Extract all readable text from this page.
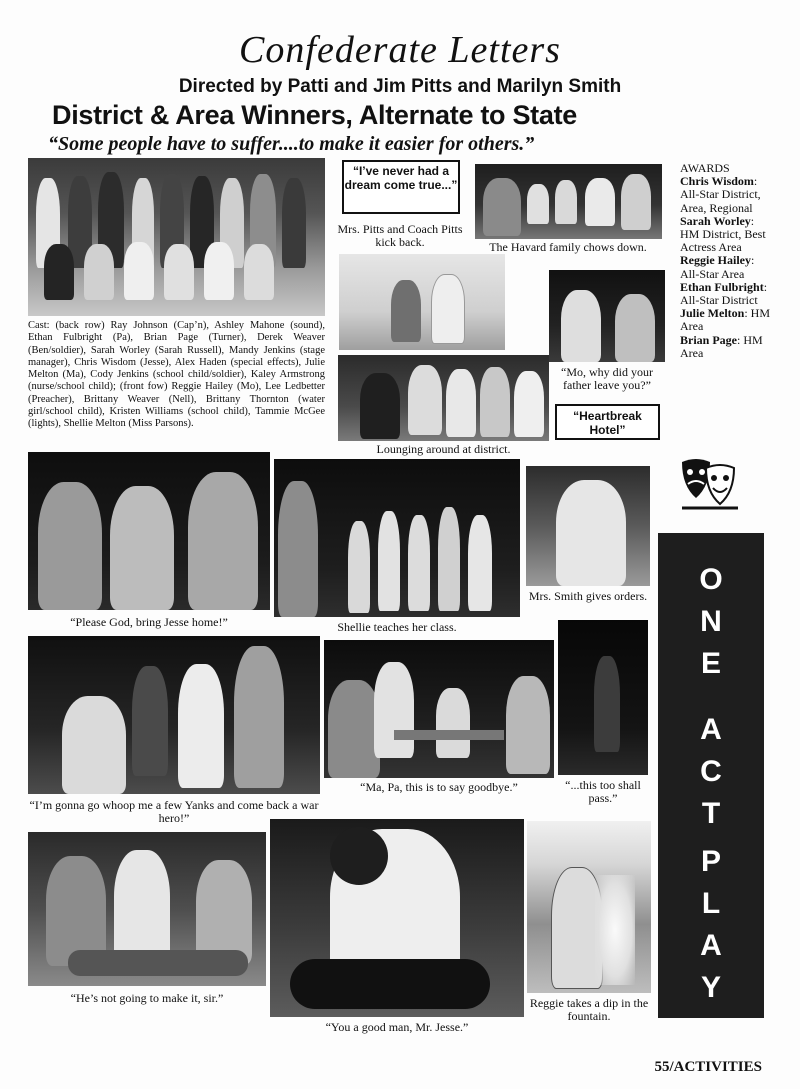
Confederate Letters
Directed by Patti and Jim Pitts and Marilyn Smith
District & Area Winners, Alternate to State
“Some people have to suffer....to make it easier for others.”
Cast: (back row) Ray Johnson (Cap’n), Ashley Mahone (sound), Ethan Fulbright (Pa), Brian Page (Turner), Derek Weaver (Ben/soldier), Sarah Worley (Sarah Russell), Mandy Jenkins (stage manager), Chris Wisdom (Jesse), Alex Haden (special effects), Julie Melton (Ma), Cody Jenkins (school child/soldier), Kaley Armstrong (nurse/school child); (front fow) Reggie Hailey (Mo), Lee Ledbetter (Preacher), Brittany Weaver (Nell), Brittany Thornton (water girl/school child), Kristen Williams (school child), Tammie McGee (lights), Shellie Melton (Miss Parsons).
“I’ve never had a dream come true...”
Mrs. Pitts and Coach Pitts kick back.	The Havard family chows down.
“Mo, why did your father leave you?”
Lounging around at district.
“Heartbreak Hotel”
AWARDS
Chris Wisdom: All-Star District, Area, Regional
Sarah Worley: HM District, Best Actress Area
Reggie Hailey: All-Star Area
Ethan Fulbright: All-Star District
Julie Melton: HM Area
Brian Page: HM Area
“Please God, bring Jesse home!”	Shellie teaches her class.
Mrs. Smith gives orders.	O
N
E
A
C
T
P
L
A
Y
“I’m gonna go whoop me a few Yanks and come back a war hero!”
“Ma, Pa, this is to say goodbye.”	“...this too shall pass.”
“He’s not going to make it, sir.”
“You a good man, Mr. Jesse.”
Reggie takes a dip in the fountain.
55/ACTIVITIES
